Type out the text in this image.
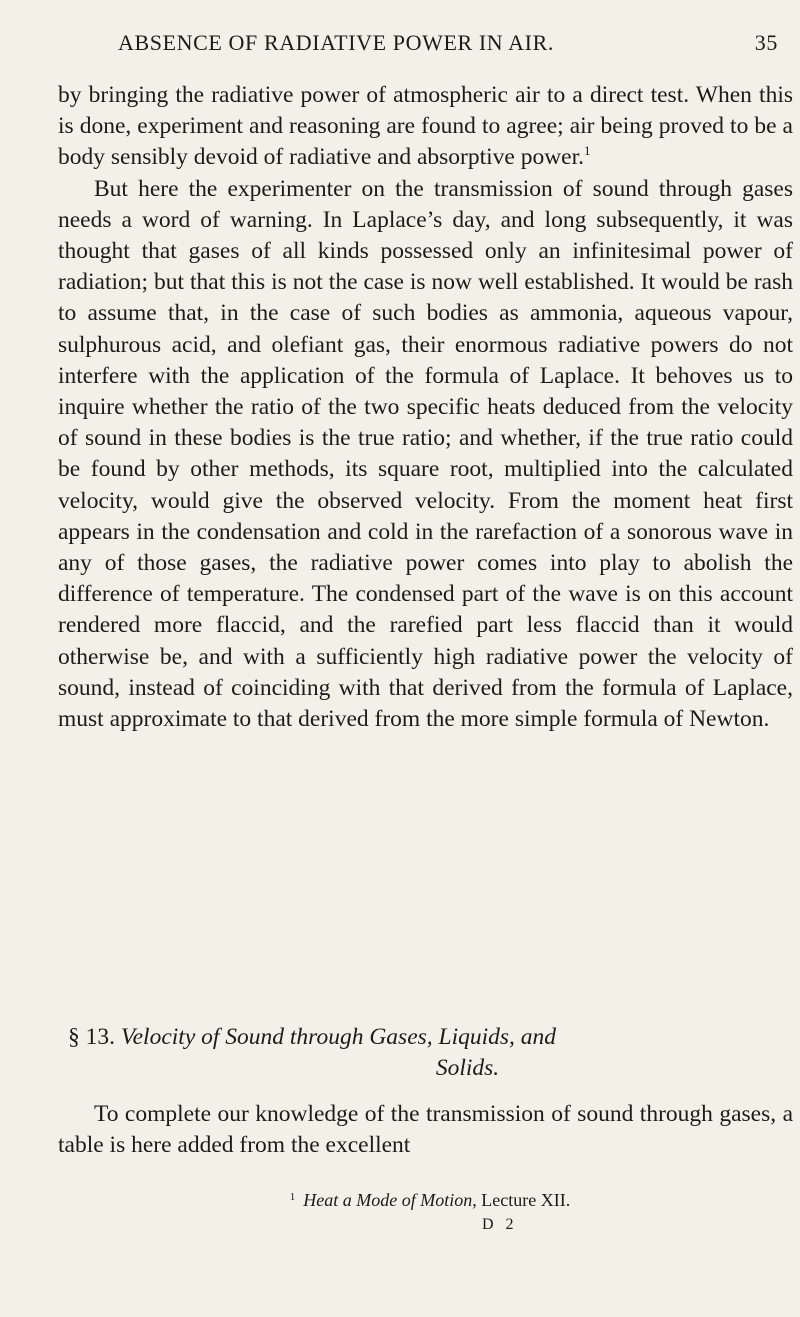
ABSENCE OF RADIATIVE POWER IN AIR.	35

by bringing the radiative power of atmospheric air to a direct test. When this is done, experiment and reasoning are found to agree; air being proved to be a body sensibly devoid of radiative and absorptive power.$^1$

But here the experimenter on the transmission of sound through gases needs a word of warning. In Laplace’s day, and long subsequently, it was thought that gases of all kinds possessed only an infinitesimal power of radiation; but that this is not the case is now well established. It would be rash to assume that, in the case of such bodies as ammonia, aqueous vapour, sulphurous acid, and olefiant gas, their enormous radiative powers do not interfere with the application of the formula of Laplace. It behoves us to inquire whether the ratio of the two specific heats deduced from the velocity of sound in these bodies is the true ratio; and whether, if the true ratio could be found by other methods, its square root, multiplied into the calculated velocity, would give the observed velocity. From the moment heat first appears in the condensation and cold in the rarefaction of a sonorous wave in any of those gases, the radiative power comes into play to abolish the difference of temperature. The condensed part of the wave is on this account rendered more flaccid, and the rarefied part less flaccid than it would otherwise be, and with a sufficiently high radiative power the velocity of sound, instead of coinciding with that derived from the formula of Laplace, must approximate to that derived from the more simple formula of Newton.

§ 13. Velocity of Sound through Gases, Liquids, and
Solids.

To complete our knowledge of the transmission of sound through gases, a table is here added from the excellent

$^1$ Heat a Mode of Motion, Lecture XII.
D 2
